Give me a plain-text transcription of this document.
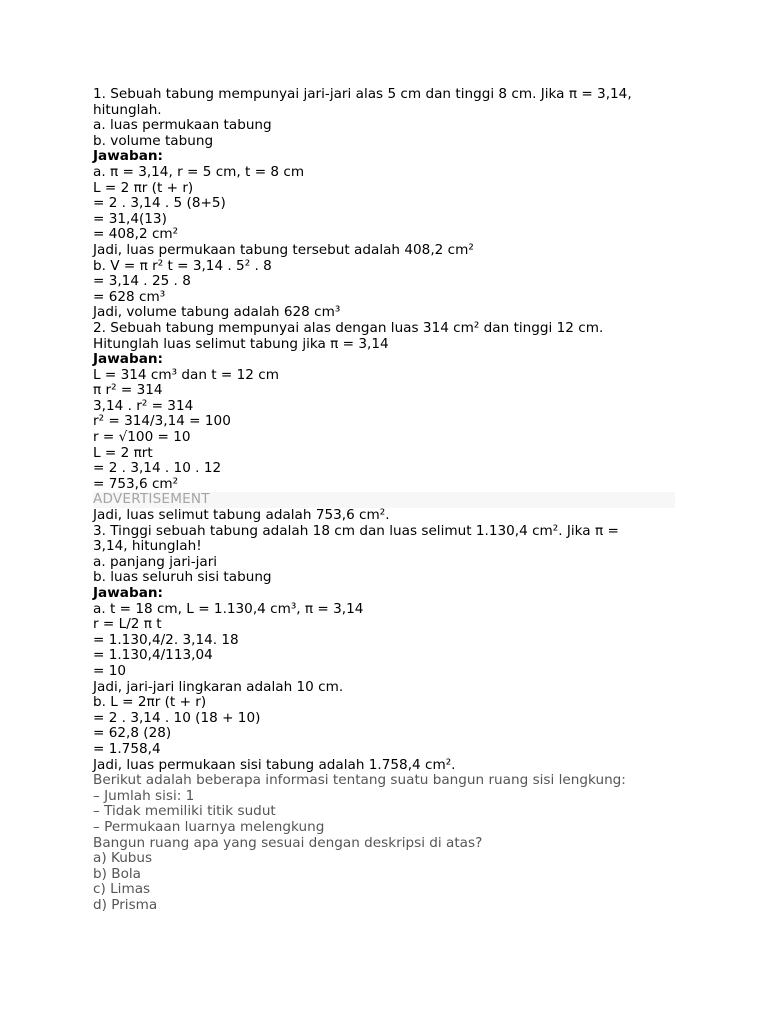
1. Sebuah tabung mempunyai jari-jari alas 5 cm dan tinggi 8 cm. Jika π = 3,14,
hitunglah.
a. luas permukaan tabung
b. volume tabung
Jawaban:
a. π = 3,14, r = 5 cm, t = 8 cm
L = 2 πr (t + r)
= 2 . 3,14 . 5 (8+5)
= 31,4(13)
= 408,2 cm²
Jadi, luas permukaan tabung tersebut adalah 408,2 cm²
b. V = π r² t = 3,14 . 5² . 8
= 3,14 . 25 . 8
= 628 cm³
Jadi, volume tabung adalah 628 cm³
2. Sebuah tabung mempunyai alas dengan luas 314 cm² dan tinggi 12 cm.
Hitunglah luas selimut tabung jika π = 3,14
Jawaban:
L = 314 cm³ dan t = 12 cm
π r² = 314
3,14 . r² = 314
r² = 314/3,14 = 100
r = √100 = 10
L = 2 πrt
= 2 . 3,14 . 10 . 12
= 753,6 cm²
ADVERTISEMENT
Jadi, luas selimut tabung adalah 753,6 cm².
3. Tinggi sebuah tabung adalah 18 cm dan luas selimut 1.130,4 cm². Jika π =
3,14, hitunglah!
a. panjang jari-jari
b. luas seluruh sisi tabung
Jawaban:
a. t = 18 cm, L = 1.130,4 cm³, π = 3,14
r = L/2 π t
= 1.130,4/2. 3,14. 18
= 1.130,4/113,04
= 10
Jadi, jari-jari lingkaran adalah 10 cm.
b. L = 2πr (t + r)
= 2 . 3,14 . 10 (18 + 10)
= 62,8 (28)
= 1.758,4
Jadi, luas permukaan sisi tabung adalah 1.758,4 cm².
Berikut adalah beberapa informasi tentang suatu bangun ruang sisi lengkung:
– Jumlah sisi: 1
– Tidak memiliki titik sudut
– Permukaan luarnya melengkung
Bangun ruang apa yang sesuai dengan deskripsi di atas?
a) Kubus
b) Bola
c) Limas
d) Prisma
